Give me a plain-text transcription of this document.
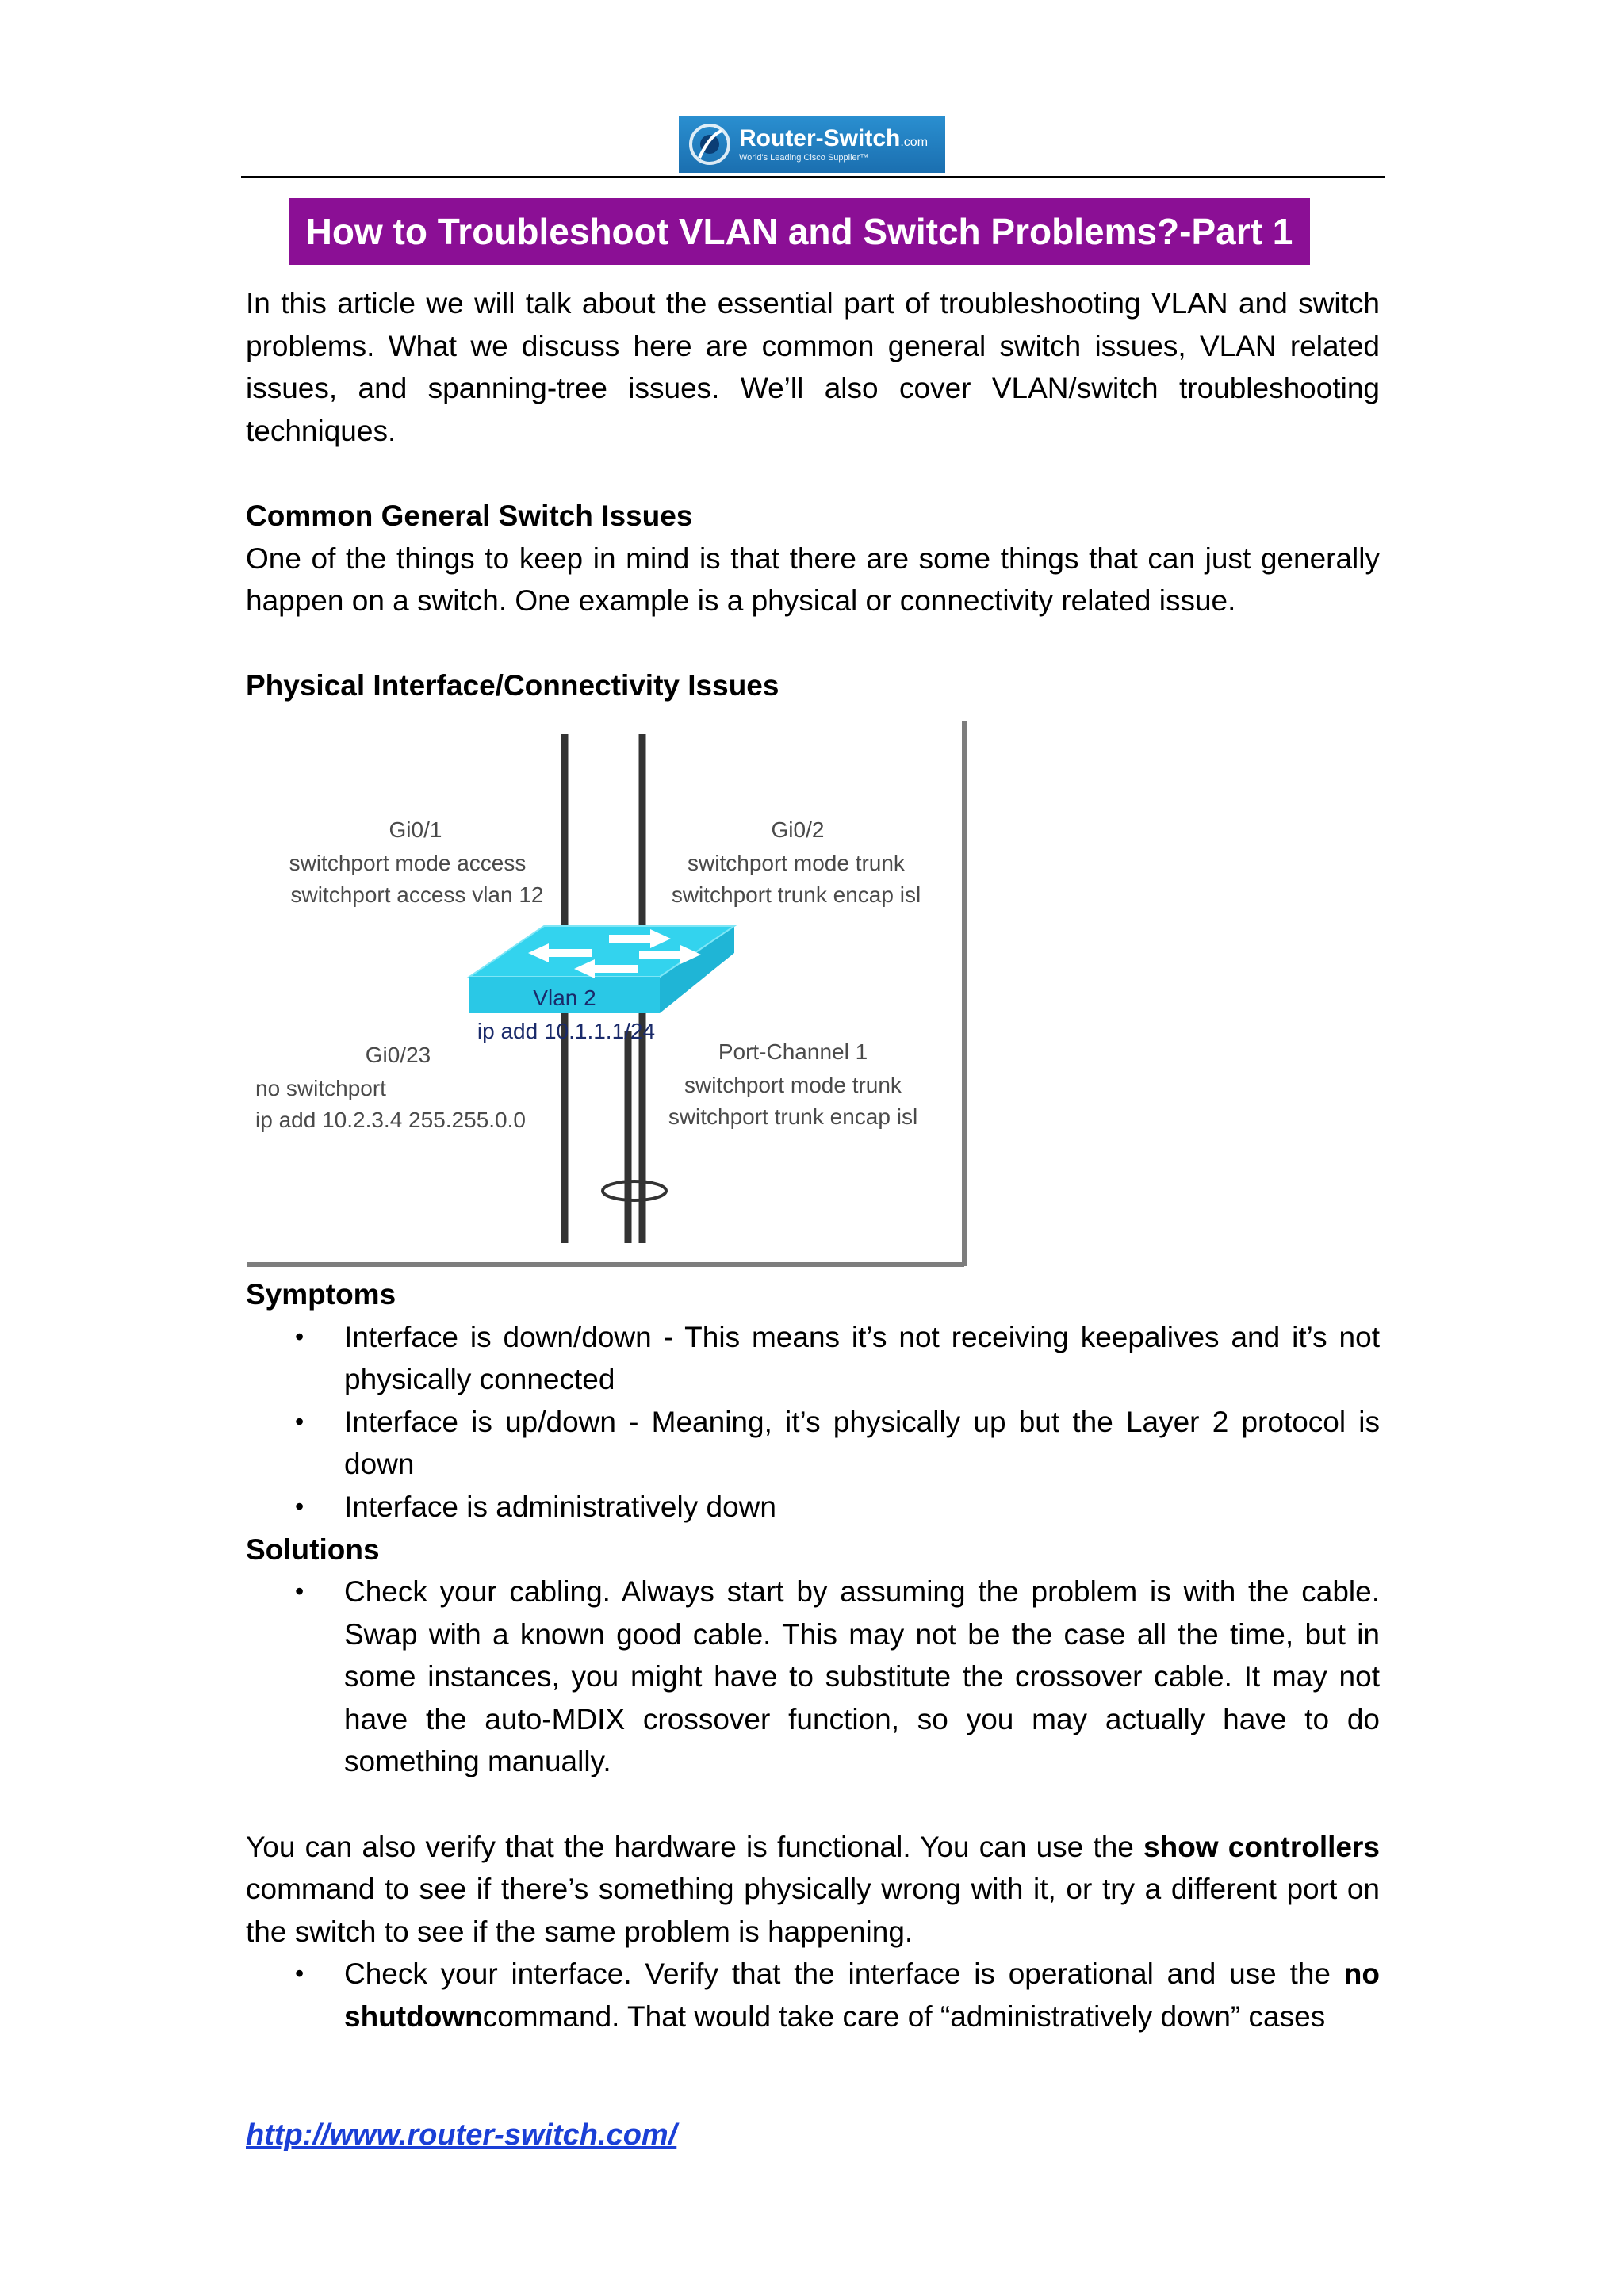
Router-Switch.com
World's Leading Cisco Supplier™
How to Troubleshoot VLAN and Switch Problems?-Part 1

In this article we will talk about the essential part of troubleshooting VLAN and switch problems. What we discuss here are common general switch issues, VLAN related issues, and spanning-tree issues. We’ll also cover VLAN/switch troubleshooting techniques.

Common General Switch Issues

One of the things to keep in mind is that there are some things that can just generally happen on a switch. One example is a physical or connectivity related issue.

Physical Interface/Connectivity Issues

Gi0/1
switchport mode access
switchport access vlan 12
Gi0/2
switchport mode trunk
switchport trunk encap isl
Gi0/23
no switchport
ip add 10.2.3.4 255.255.0.0
Port-Channel 1
switchport mode trunk
switchport trunk encap isl
Vlan 2
ip add 10.1.1.1/24

Symptoms

• Interface is down/down - This means it’s not receiving keepalives and it’s not physically connected
• Interface is up/down - Meaning, it’s physically up but the Layer 2 protocol is down
• Interface is administratively down

Solutions

• Check your cabling. Always start by assuming the problem is with the cable. Swap with a known good cable. This may not be the case all the time, but in some instances, you might have to substitute the crossover cable. It may not have the auto-MDIX crossover function, so you may actually have to do something manually.

You can also verify that the hardware is functional. You can use the show controllers command to see if there’s something physically wrong with it, or try a different port on the switch to see if the same problem is happening.

• Check your interface. Verify that the interface is operational and use the no shutdowncommand. That would take care of “administratively down” cases
http://www.router-switch.com/
